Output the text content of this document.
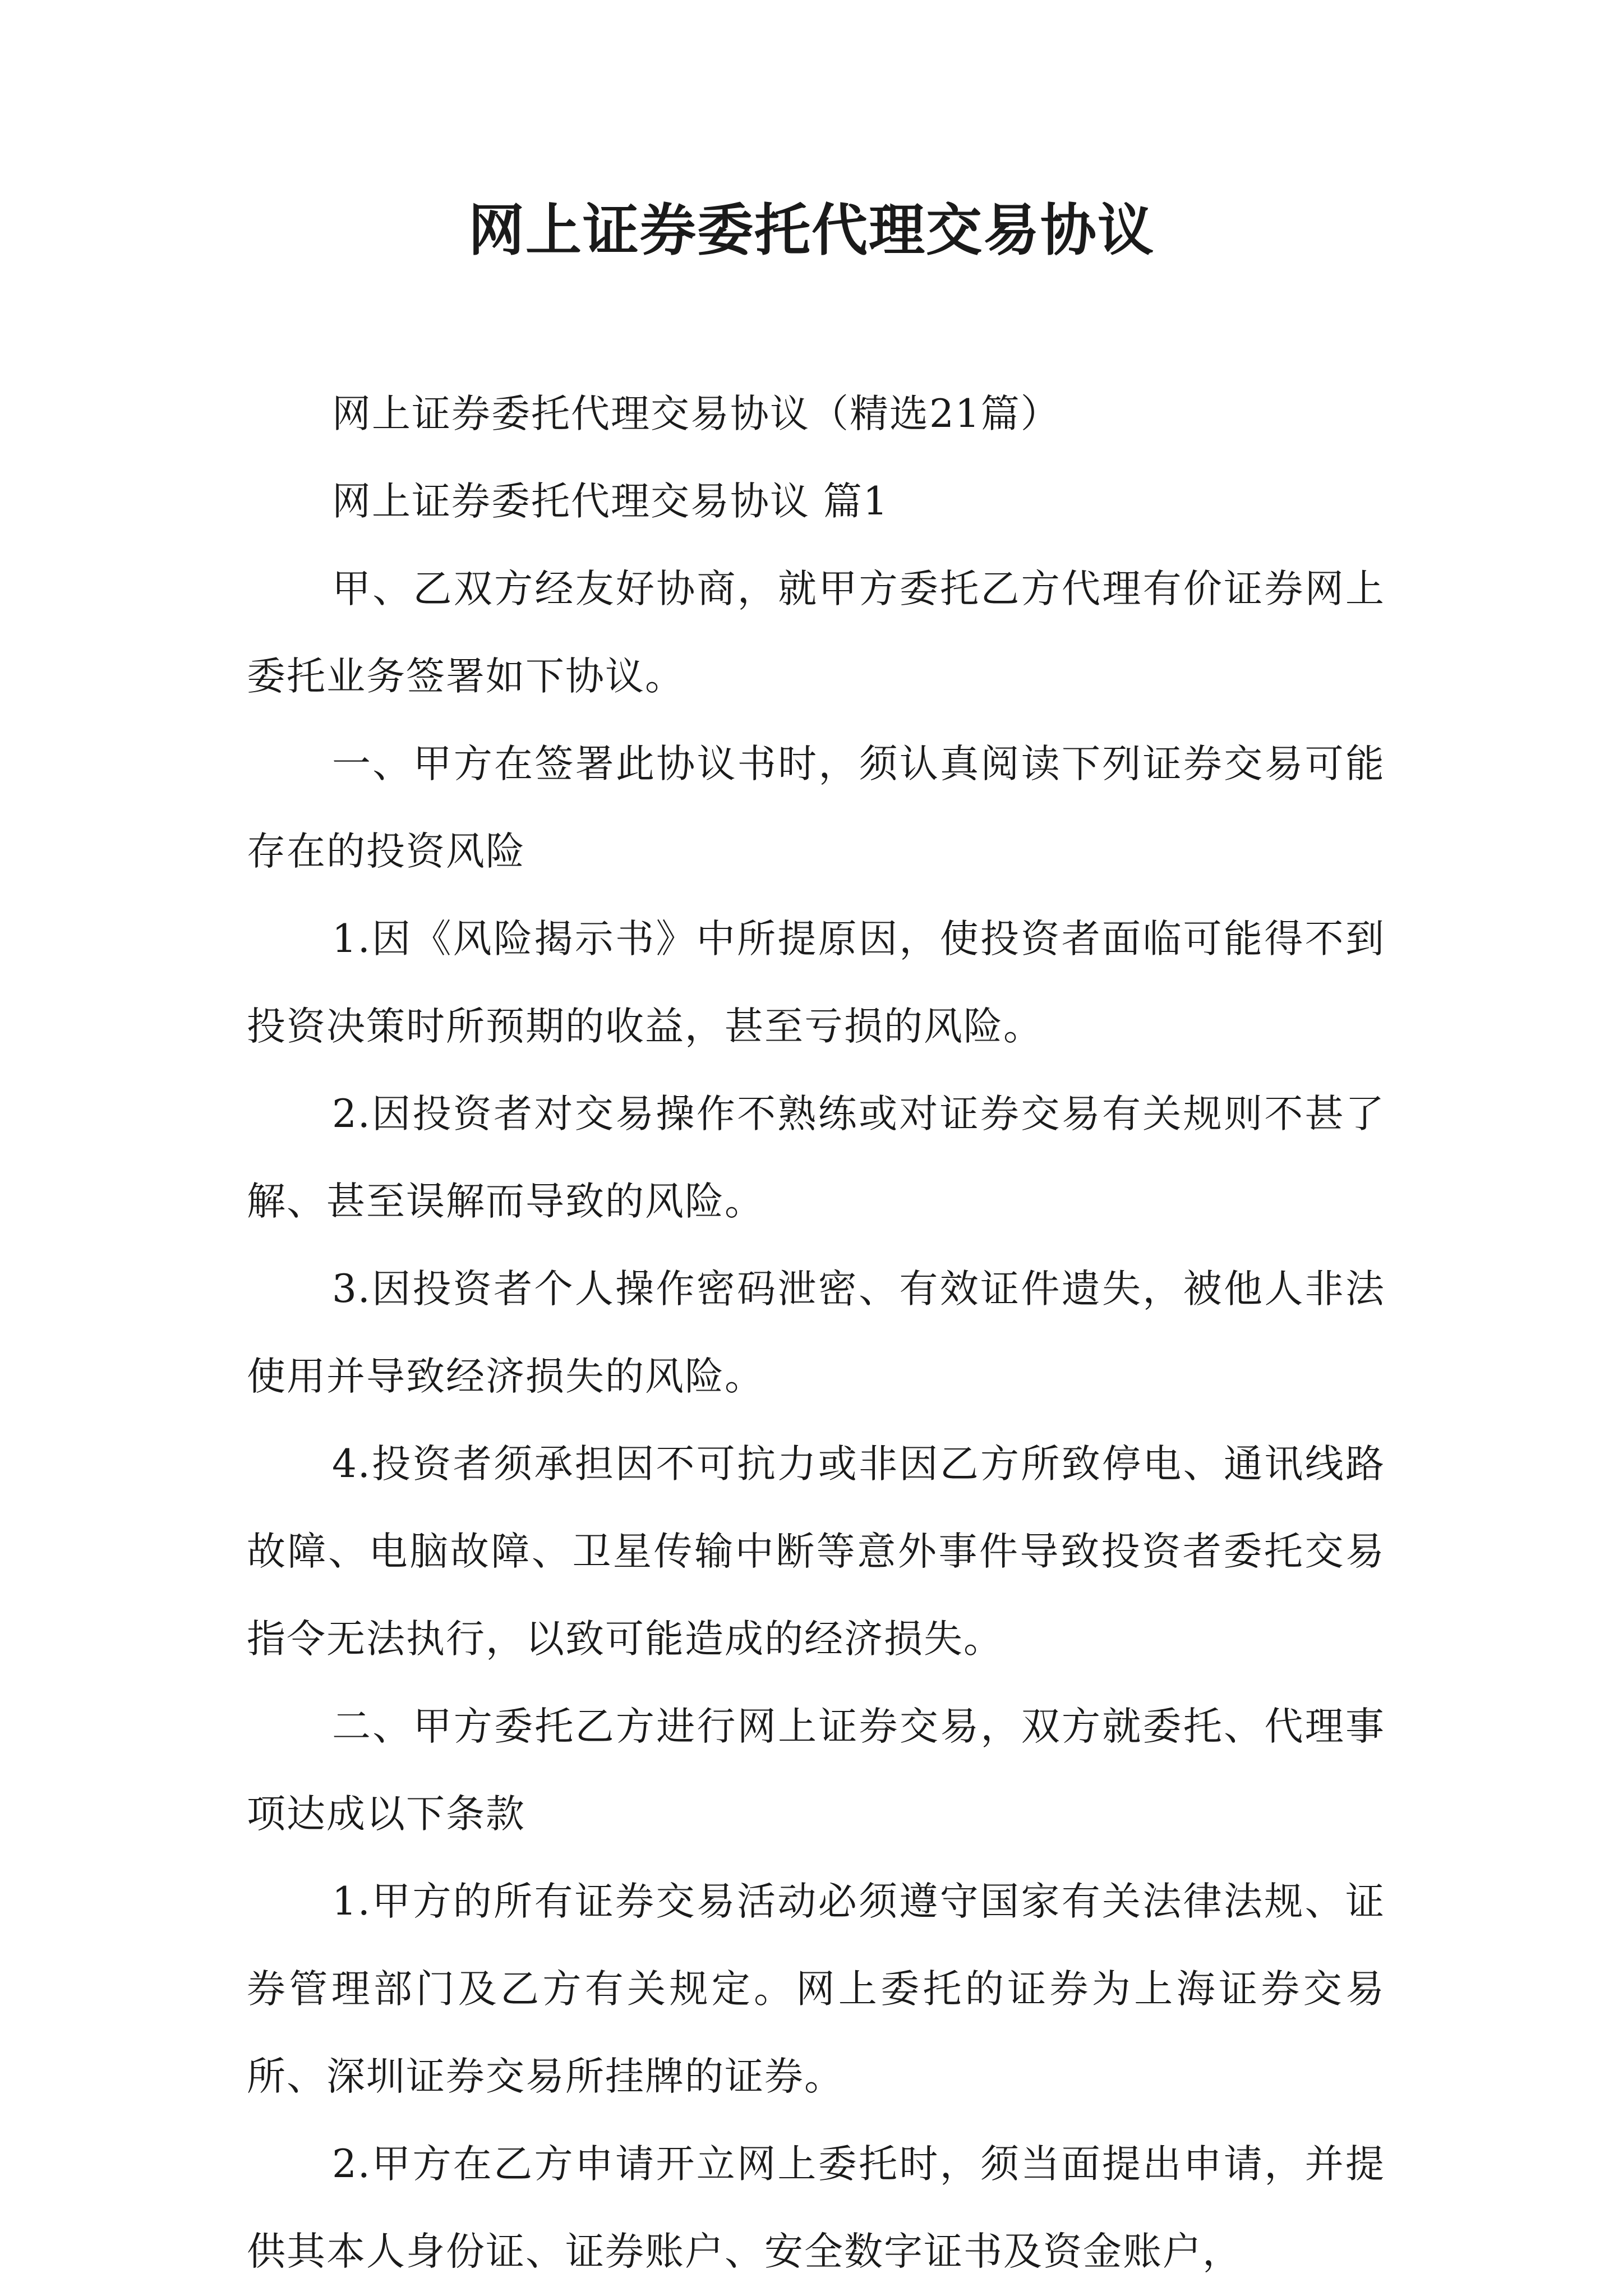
网上证券委托代理交易协议

网上证券委托代理交易协议（精选21篇）

网上证券委托代理交易协议 篇1

甲、乙双方经友好协商，就甲方委托乙方代理有价证券网上委托业务签署如下协议。

一、甲方在签署此协议书时，须认真阅读下列证券交易可能存在的投资风险

1.因《风险揭示书》中所提原因，使投资者面临可能得不到投资决策时所预期的收益，甚至亏损的风险。

2.因投资者对交易操作不熟练或对证券交易有关规则不甚了解、甚至误解而导致的风险。

3.因投资者个人操作密码泄密、有效证件遗失，被他人非法使用并导致经济损失的风险。

4.投资者须承担因不可抗力或非因乙方所致停电、通讯线路故障、电脑故障、卫星传输中断等意外事件导致投资者委托交易指令无法执行，以致可能造成的经济损失。

二、甲方委托乙方进行网上证券交易，双方就委托、代理事项达成以下条款

1.甲方的所有证券交易活动必须遵守国家有关法律法规、证券管理部门及乙方有关规定。网上委托的证券为上海证券交易所、深圳证券交易所挂牌的证券。

2.甲方在乙方申请开立网上委托时，须当面提出申请，并提供其本人身份证、证券账户、安全数字证书及资金账户，
